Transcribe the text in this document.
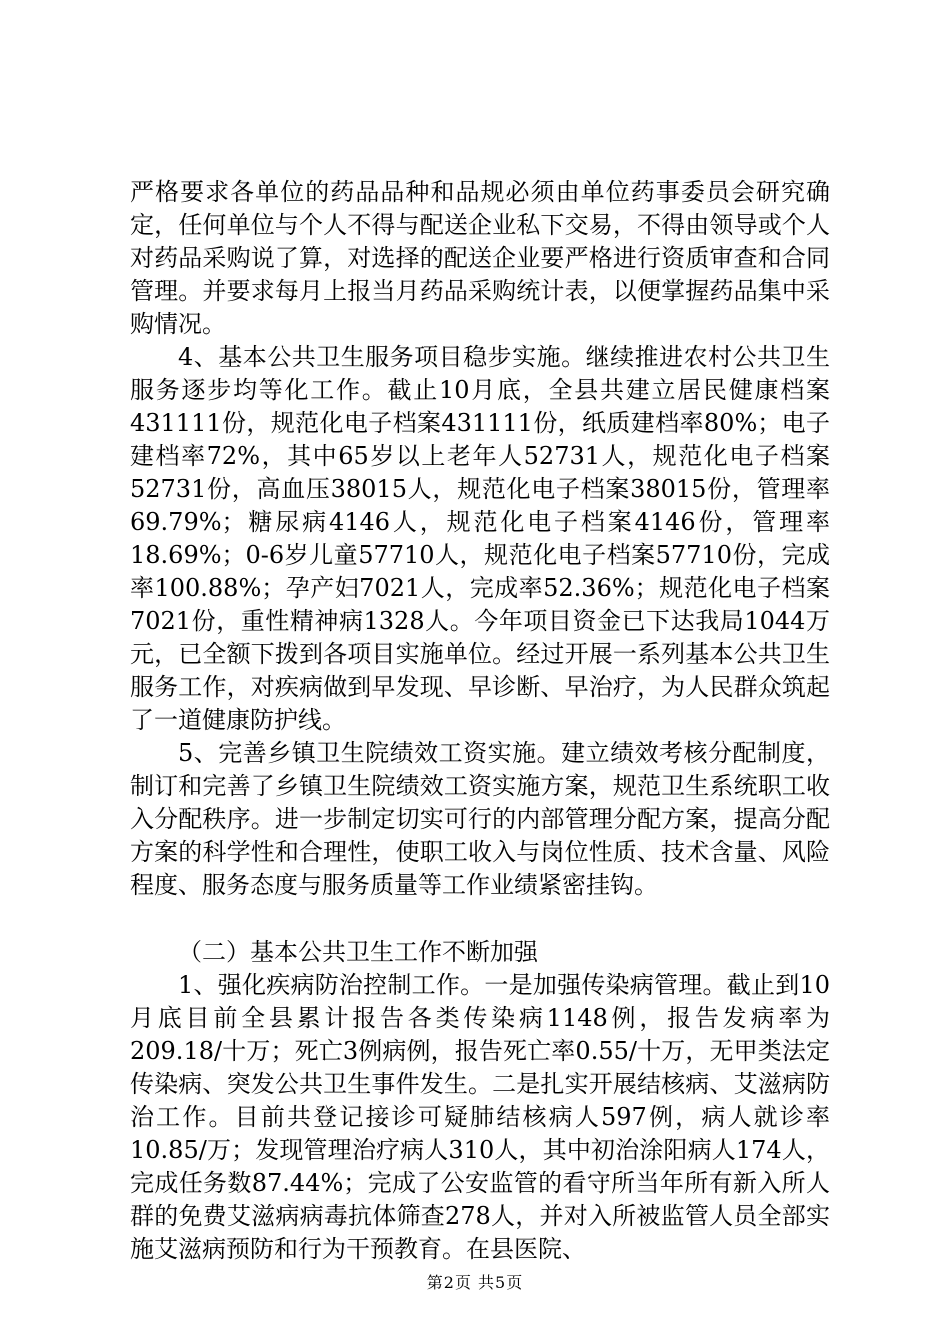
严格要求各单位的药品品种和品规必须由单位药事委员会研究确定，任何单位与个人不得与配送企业私下交易，不得由领导或个人对药品采购说了算，对选择的配送企业要严格进行资质审查和合同管理。并要求每月上报当月药品采购统计表，以便掌握药品集中采购情况。

4、基本公共卫生服务项目稳步实施。继续推进农村公共卫生服务逐步均等化工作。截止10月底，全县共建立居民健康档案431111份，规范化电子档案431111份，纸质建档率80%；电子建档率72%，其中65岁以上老年人52731人，规范化电子档案52731份，高血压38015人，规范化电子档案38015份，管理率69.79%；糖尿病4146人，规范化电子档案4146份，管理率18.69%；0-6岁儿童57710人，规范化电子档案57710份，完成率100.88%；孕产妇7021人，完成率52.36%；规范化电子档案7021份，重性精神病1328人。今年项目资金已下达我局1044万元，已全额下拨到各项目实施单位。经过开展一系列基本公共卫生服务工作，对疾病做到早发现、早诊断、早治疗，为人民群众筑起了一道健康防护线。

5、完善乡镇卫生院绩效工资实施。建立绩效考核分配制度，制订和完善了乡镇卫生院绩效工资实施方案，规范卫生系统职工收入分配秩序。进一步制定切实可行的内部管理分配方案，提高分配方案的科学性和合理性，使职工收入与岗位性质、技术含量、风险程度、服务态度与服务质量等工作业绩紧密挂钩。

（二）基本公共卫生工作不断加强

1、强化疾病防治控制工作。一是加强传染病管理。截止到10月底目前全县累计报告各类传染病1148例，报告发病率为209.18/十万；死亡3例病例，报告死亡率0.55/十万，无甲类法定传染病、突发公共卫生事件发生。二是扎实开展结核病、艾滋病防治工作。目前共登记接诊可疑肺结核病人597例，病人就诊率10.85/万；发现管理治疗病人310人，其中初治涂阳病人174人，完成任务数87.44%；完成了公安监管的看守所当年所有新入所人群的免费艾滋病病毒抗体筛查278人，并对入所被监管人员全部实施艾滋病预防和行为干预教育。在县医院、

第2页 共5页
